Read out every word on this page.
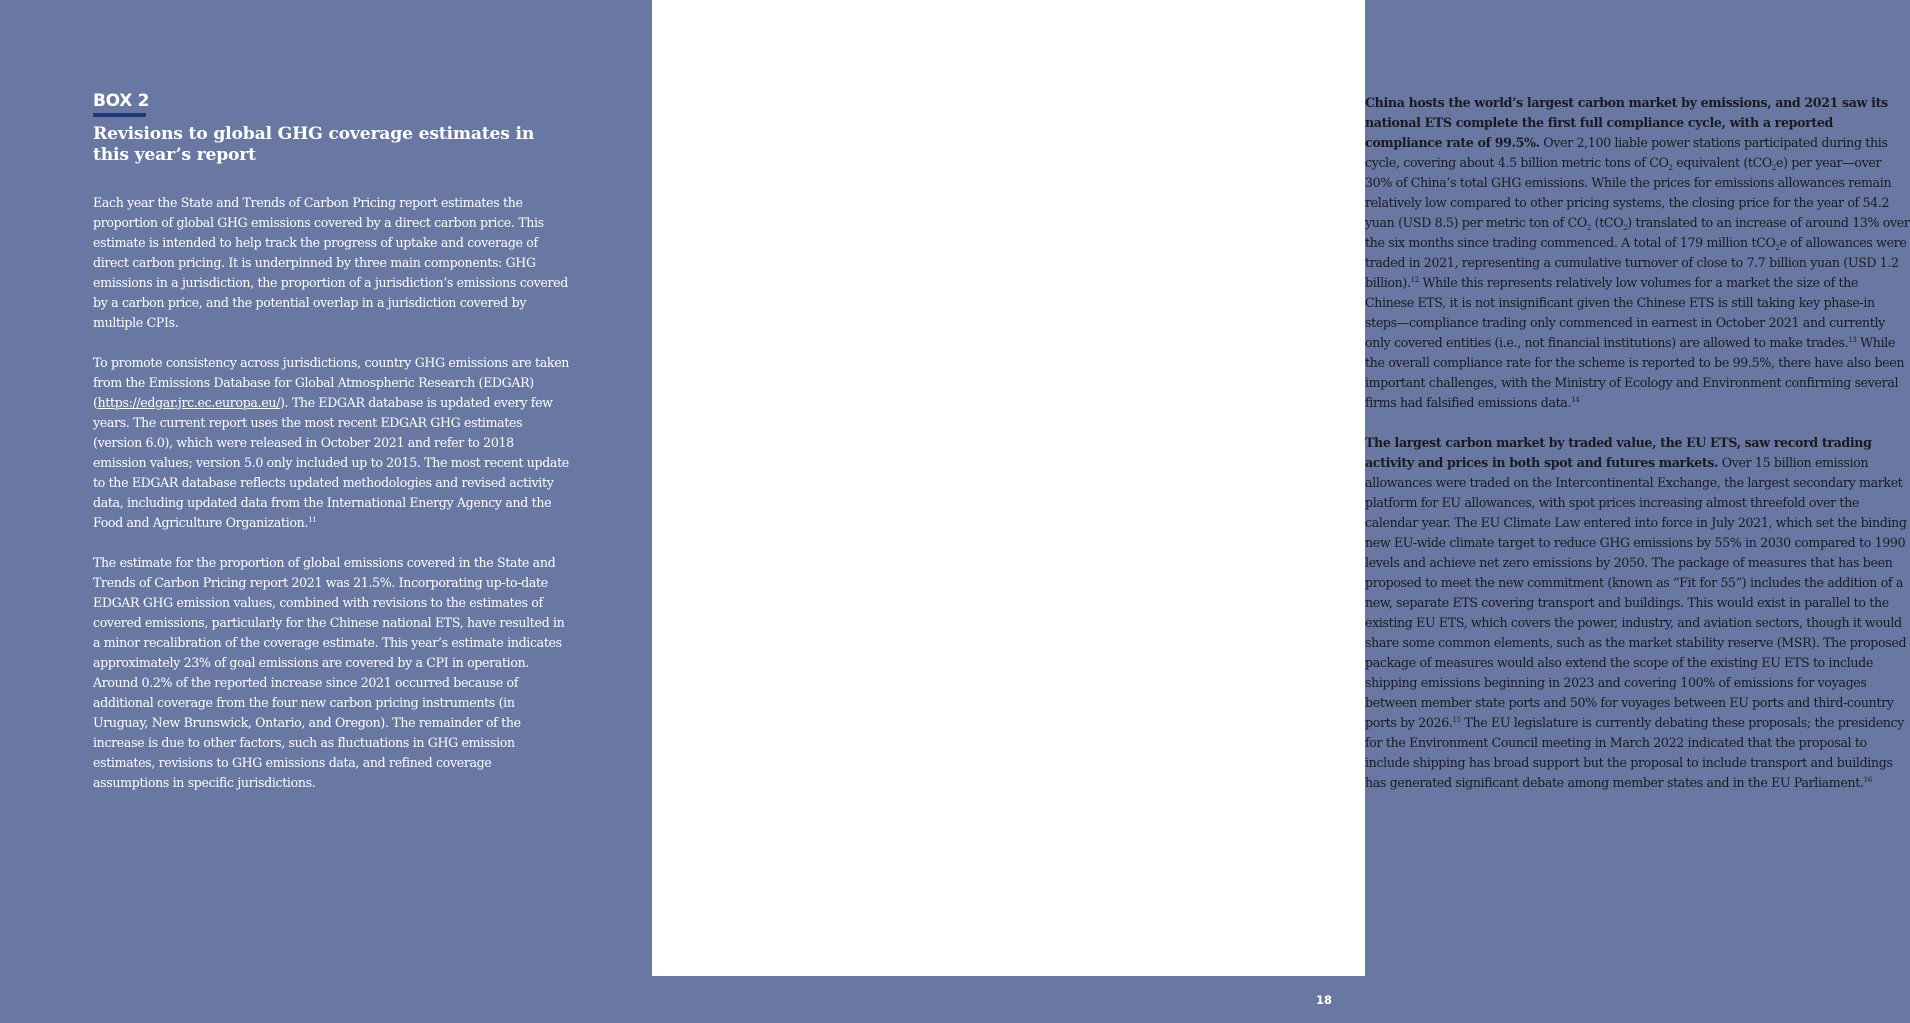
BOX 2
Revisions to global GHG coverage estimates in this year’s report

Each year the State and Trends of Carbon Pricing report estimates the proportion of global GHG emissions covered by a direct carbon price. This estimate is intended to help track the progress of uptake and coverage of direct carbon pricing. It is underpinned by three main components: GHG emissions in a jurisdiction, the proportion of a jurisdiction’s emissions covered by a carbon price, and the potential overlap in a jurisdiction covered by multiple CPIs.

To promote consistency across jurisdictions, country GHG emissions are taken from the Emissions Database for Global Atmospheric Research (EDGAR) (https://edgar.jrc.ec.europa.eu/). The EDGAR database is updated every few years. The current report uses the most recent EDGAR GHG estimates (version 6.0), which were released in October 2021 and refer to 2018 emission values; version 5.0 only included up to 2015. The most recent update to the EDGAR database reflects updated methodologies and revised activity data, including updated data from the International Energy Agency and the Food and Agriculture Organization.$^{11}$

The estimate for the proportion of global emissions covered in the State and Trends of Carbon Pricing report 2021 was 21.5%. Incorporating up-to-date EDGAR GHG emission values, combined with revisions to the estimates of covered emissions, particularly for the Chinese national ETS, have resulted in a minor recalibration of the coverage estimate. This year’s estimate indicates approximately 23% of goal emissions are covered by a CPI in operation. Around 0.2% of the reported increase since 2021 occurred because of additional coverage from the four new carbon pricing instruments (in Uruguay, New Brunswick, Ontario, and Oregon). The remainder of the increase is due to other factors, such as fluctuations in GHG emission estimates, revisions to GHG emissions data, and refined coverage assumptions in specific jurisdictions.

China hosts the world’s largest carbon market by emissions, and 2021 saw its national ETS complete the first full compliance cycle, with a reported compliance rate of 99.5%. Over 2,100 liable power stations participated during this cycle, covering about 4.5 billion metric tons of $CO_2$ equivalent (tCO$_2$e) per year—over 30% of China’s total GHG emissions. While the prices for emissions allowances remain relatively low compared to other pricing systems, the closing price for the year of 54.2 yuan (USD 8.5) per metric ton of $CO_2$ (tCO$_2$) translated to an increase of around 13% over the six months since trading commenced. A total of 179 million tCO$_2$e of allowances were traded in 2021, representing a cumulative turnover of close to 7.7 billion yuan (USD 1.2 billion).$^{12}$ While this represents relatively low volumes for a market the size of the Chinese ETS, it is not insignificant given the Chinese ETS is still taking key phase-in steps—compliance trading only commenced in earnest in October 2021 and currently only covered entities (i.e., not financial institutions) are allowed to make trades.$^{13}$ While the overall compliance rate for the scheme is reported to be 99.5%, there have also been important challenges, with the Ministry of Ecology and Environment confirming several firms had falsified emissions data.$^{14}$

The largest carbon market by traded value, the EU ETS, saw record trading activity and prices in both spot and futures markets. Over 15 billion emission allowances were traded on the Intercontinental Exchange, the largest secondary market platform for EU allowances, with spot prices increasing almost threefold over the calendar year. The EU Climate Law entered into force in July 2021, which set the binding new EU-wide climate target to reduce GHG emissions by 55% in 2030 compared to 1990 levels and achieve net zero emissions by 2050. The package of measures that has been proposed to meet the new commitment (known as “Fit for 55”) includes the addition of a new, separate ETS covering transport and buildings. This would exist in parallel to the existing EU ETS, which covers the power, industry, and aviation sectors, though it would share some common elements, such as the market stability reserve (MSR). The proposed package of measures would also extend the scope of the existing EU ETS to include shipping emissions beginning in 2023 and covering 100% of emissions for voyages between member state ports and 50% for voyages between EU ports and third-country ports by 2026.15 The EU legislature is currently debating these proposals; the presidency for the Environment Council meeting in March 2022 indicated that the proposal to include shipping has broad support but the proposal to include transport and buildings has generated significant debate among member states and in the EU Parliament.$^{16}$

18
